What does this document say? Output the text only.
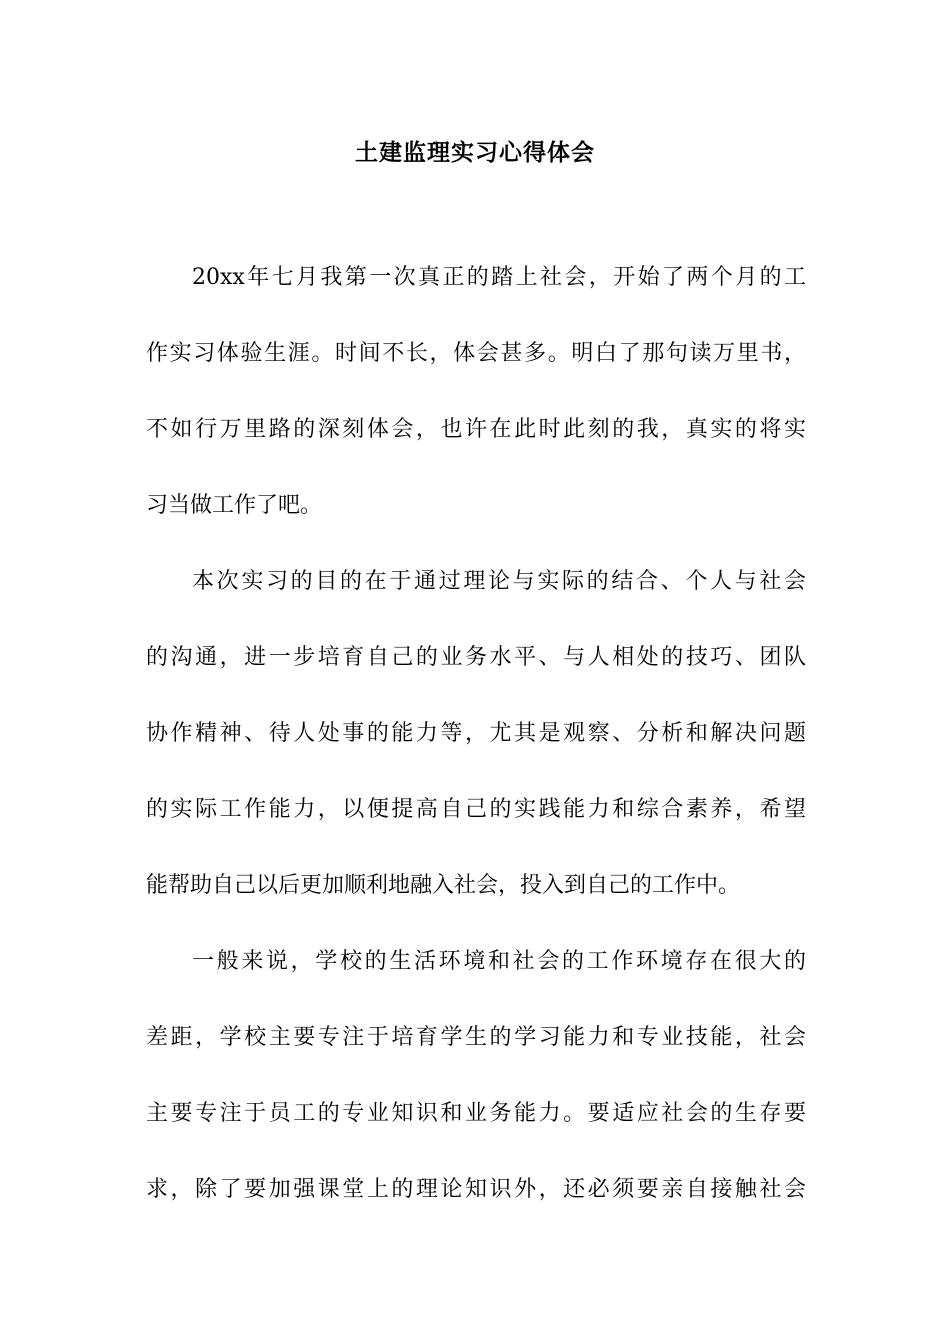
土建监理实习心得体会
20xx年七月我第一次真正的踏上社会，开始了两个月的工
作实习体验生涯。时间不长，体会甚多。明白了那句读万里书，
不如行万里路的深刻体会，也许在此时此刻的我，真实的将实
习当做工作了吧。
本次实习的目的在于通过理论与实际的结合、个人与社会
的沟通，进一步培育自己的业务水平、与人相处的技巧、团队
协作精神、待人处事的能力等，尤其是观察、分析和解决问题
的实际工作能力，以便提高自己的实践能力和综合素养，希望
能帮助自己以后更加顺利地融入社会，投入到自己的工作中。
一般来说，学校的生活环境和社会的工作环境存在很大的
差距，学校主要专注于培育学生的学习能力和专业技能，社会
主要专注于员工的专业知识和业务能力。要适应社会的生存要
求，除了要加强课堂上的理论知识外，还必须要亲自接触社会
